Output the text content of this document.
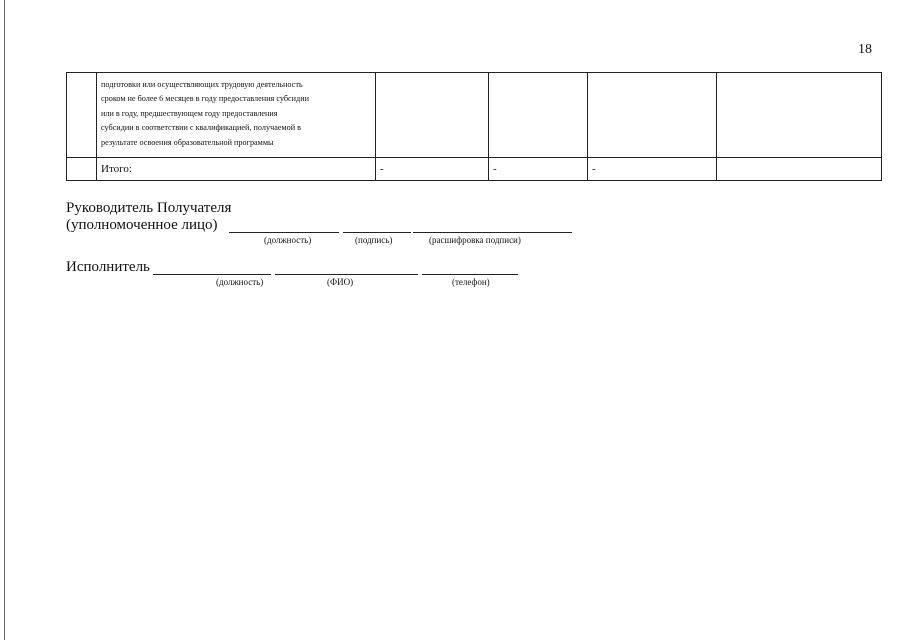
18

	подготовки или осуществляющих трудовую деятельность
сроком не более 6 месяцев в году предоставления субсидии
или в году, предшествующем году предоставления
субсидии в соответствии с квалификацией, получаемой в
результате освоения образовательной программы				

	Итого:	-	-	-	
Руководитель Получателя
(уполномоченное лицо)
(должность)	(подпись)	(расшифровка подписи)
Исполнитель
(должность)	(ФИО)	(телефон)
